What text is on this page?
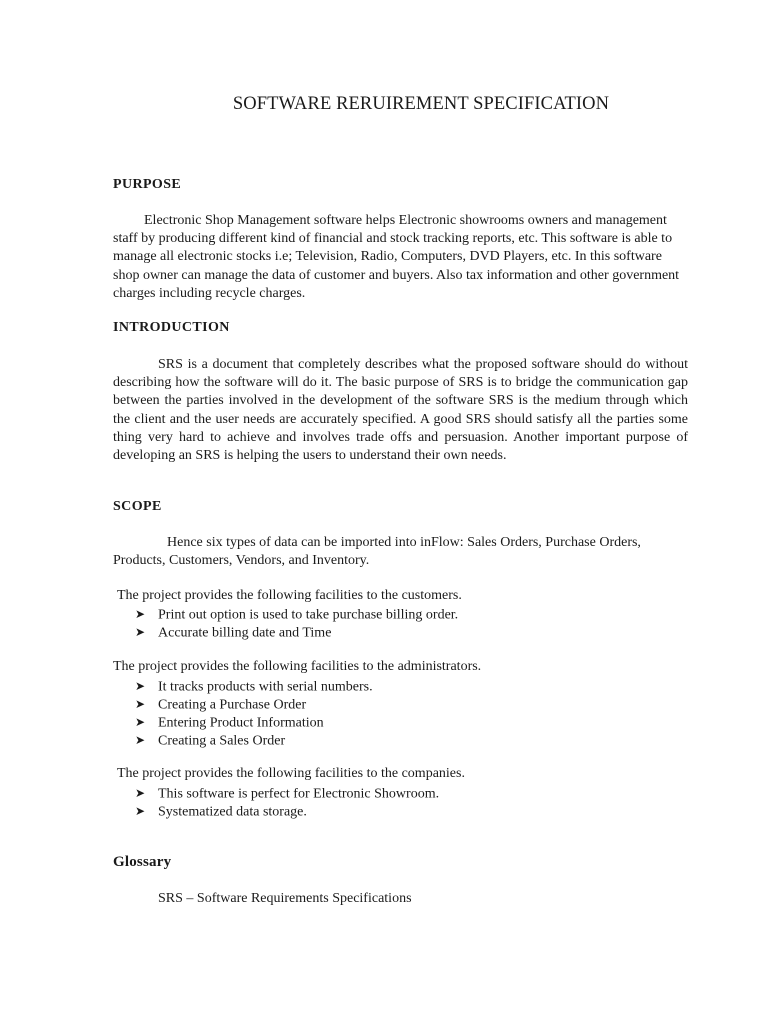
SOFTWARE RERUIREMENT SPECIFICATION
PURPOSE
Electronic Shop Management software helps Electronic showrooms owners and management staff by producing different kind of financial and stock tracking reports, etc. This software is able to manage all electronic stocks i.e; Television, Radio, Computers, DVD Players, etc. In this software shop owner can manage the data of customer and buyers. Also tax information and other government charges including recycle charges.
INTRODUCTION
SRS is a document that completely describes what the proposed software should do without describing how the software will do it. The basic purpose of SRS is to bridge the communication gap between the parties involved in the development of the software SRS is the medium through which the client and the user needs are accurately specified. A good SRS should satisfy all the parties some thing very hard to achieve and involves trade offs and persuasion. Another important purpose of developing an SRS is helping the users to understand their own needs.
SCOPE
Hence six types of data can be imported into inFlow: Sales Orders, Purchase Orders, Products, Customers, Vendors, and Inventory.
The project provides the following facilities to the customers.
➤ Print out option is used to take purchase billing order.
➤ Accurate billing date and Time
The project provides the following facilities to the administrators.
➤ It tracks products with serial numbers.
➤ Creating a Purchase Order
➤ Entering Product Information
➤ Creating a Sales Order
The project provides the following facilities to the companies.
➤ This software is perfect for Electronic Showroom.
➤ Systematized data storage.
Glossary
SRS – Software Requirements Specifications
